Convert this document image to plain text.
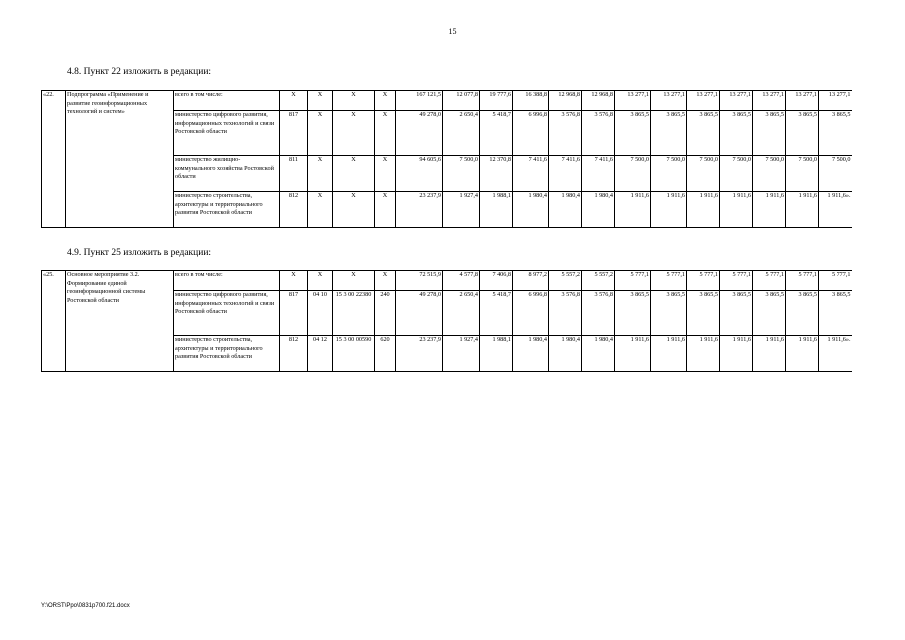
15
4.8. Пункт 22 изложить в редакции:
«22.	Подпрограмма «Применение и развитие геоинформационных технологий и систем»	всего в том числе:	X	X	X	X	167 121,5	12 077,8	19 777,6	16 388,8	12 968,8	12 968,8	13 277,1	13 277,1	13 277,1	13 277,1	13 277,1	13 277,1	13 277,1
		министерство цифрового развития, информационных технологий и связи Ростовской области	817	X	X	X	49 278,0	2 650,4	5 418,7	6 996,8	3 576,8	3 576,8	3 865,5	3 865,5	3 865,5	3 865,5	3 865,5	3 865,5	3 865,5
		министерство жилищно-коммунального хозяйства Ростовской области	811	X	X	X	94 605,6	7 500,0	12 370,8	7 411,6	7 411,6	7 411,6	7 500,0	7 500,0	7 500,0	7 500,0	7 500,0	7 500,0	7 500,0
		министерство строительства, архитектуры и территориального развития Ростовской области	812	X	X	X	23 237,9	1 927,4	1 988,1	1 980,4	1 980,4	1 980,4	1 911,6	1 911,6	1 911,6	1 911,6	1 911,6	1 911,6	1 911,6».
4.9. Пункт 25 изложить в редакции:
«25.	Основное мероприятие 3.2. Формирование единой геоинформационной системы Ростовской области	всего в том числе:	X	X	X	X	72 515,9	4 577,8	7 406,8	8 977,2	5 557,2	5 557,2	5 777,1	5 777,1	5 777,1	5 777,1	5 777,1	5 777,1	5 777,1
		министерство цифрового развития, информационных технологий и связи Ростовской области	817	04 10	15 3 00 22380	240	49 278,0	2 650,4	5 418,7	6 996,8	3 576,8	3 576,8	3 865,5	3 865,5	3 865,5	3 865,5	3 865,5	3 865,5	3 865,5
		министерство строительства, архитектуры и территориального развития Ростовской области	812	04 12	15 3 00 00590	620	23 237,9	1 927,4	1 988,1	1 980,4	1 980,4	1 980,4	1 911,6	1 911,6	1 911,6	1 911,6	1 911,6	1 911,6	1 911,6».
Y:\ORST\Ppo\0831p700.f21.docx
